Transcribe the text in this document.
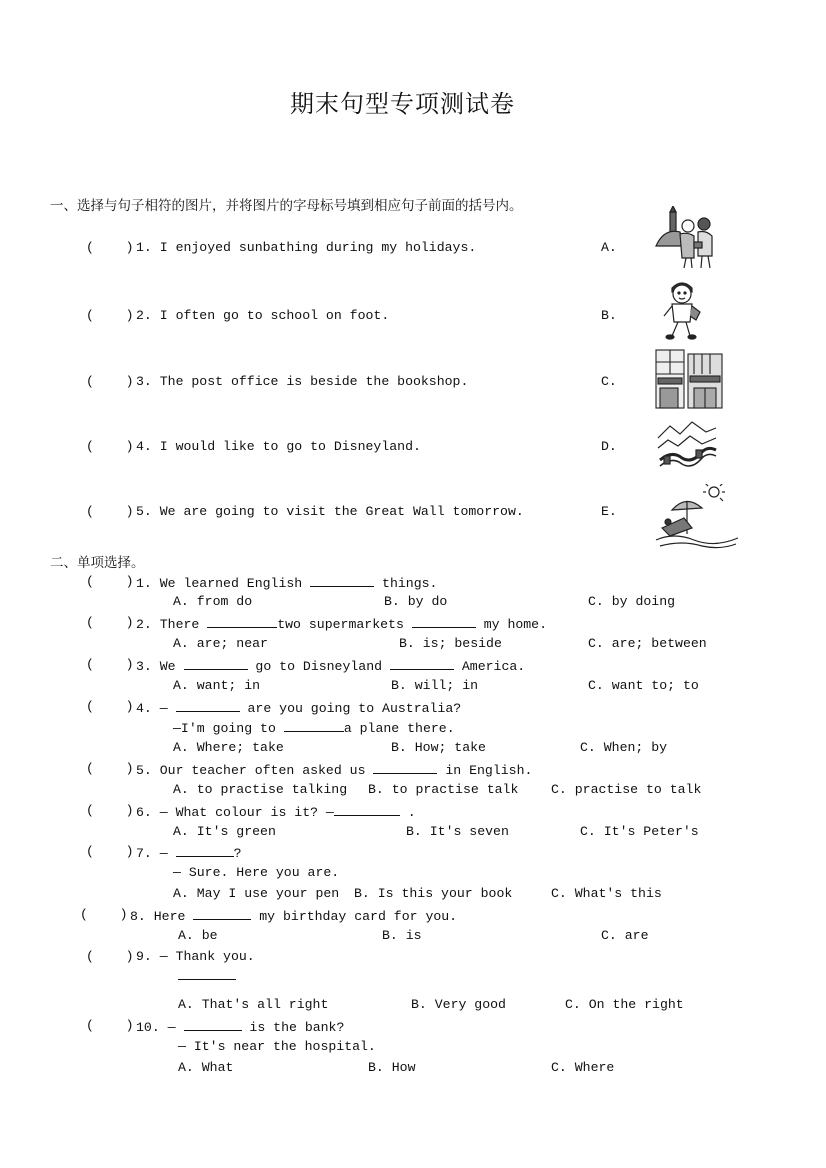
期末句型专项测试卷
一、选择与句子相符的图片，并将图片的字母标号填到相应句子前面的括号内。
(    ) 1. I enjoyed sunbathing during my holidays.	A.
(    ) 2. I often go to school on foot.	B.
(    ) 3. The post office is beside the bookshop.	C.
(    ) 4. I would like to go to Disneyland.	D.
(    ) 5. We are going to visit the Great Wall tomorrow.	E.
二、单项选择。
(    ) 1. We learned English	things.
A. from do	B. by do	C. by doing
(    ) 2. There	two supermarkets	my home.
A. are; near	B. is; beside	C. are; between
(    ) 3. We	go to Disneyland	America.
A. want; in	B. will; in	C. want to; to
(    ) 4. —	are you going to Australia?
—I'm going to	a plane there.
A. Where; take	B. How; take	C. When; by
(    ) 5. Our teacher often asked us	in English.
A. to practise talking B. to practise talk C. practise to talk
(    ) 6. — What colour is it? —	.
A. It's green	B. It's seven	C. It's Peter's
(    ) 7. —	?
— Sure. Here you are.
A. May I use your pen B. Is this your book	C. What's this
(    ) 8. Here	my birthday card for you.
A. be	B. is	C. are
(    ) 9. — Thank you.
A. That's all right	B. Very good	C. On the right
(    ) 10. —	is the bank?
— It's near the hospital.
A. What	B. How	C. Where
